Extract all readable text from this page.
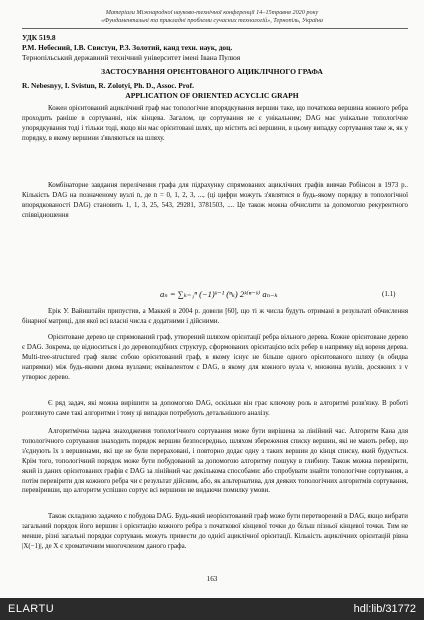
Матеріали Міжнародної науково-технічної конференції 14–15травня 2020 року
«Фундаментальні та прикладні проблеми сучасних технологій», Тернопіль, Україна
УДК 519.8
Р.М. Небесний, І.В. Свистун, Р.З. Золотий, канд техн. наук, доц.
Тернопільський державний технічний університет імені Івана Пулюя
ЗАСТОСУВАННЯ ОРІЄНТОВАНОГО АЦИКЛІЧНОГО ГРАФА
R. Nebesnyy, I. Svistun, R. Zolotyi, Ph. D., Assoc. Prof.
APPLICATION OF ORIENTED ACYCLIC GRAPH

Кожен орієнтований ациклічний граф має топологічне впорядкування вершин таке, що початкова вершина кожного ребра проходить раніше в сортуванні, ніж кінцева. Загалом, це сортування не є унікальним; DAG має унікальне топологічне упорядкування тоді і тільки тоді, якщо він має орієнтовані шлях, що містить всі вершини, в цьому випадку сортування таке ж, як у порядку, в якому вершини з'являються на шляху.

Комбінаторне завдання перелічення графа для підрахунку спрямованих ациклічних графів вивчав Робінсон в 1973 р.. Кількість DAG на позначеному вузлі n, де n = 0, 1, 2, 3, ..., (ці цифри можуть з'являтися в будь-якому порядку в топологічної впорядкованості DAG) становить 1, 1, 3, 25, 543, 29281, 3781503, .... Це також можна обчислити за допомогою рекурентного співвідношення

aₙ = ∑ₖ₌₁ⁿ (−1)ᵏ⁻¹ (ⁿₖ) 2ᵏ⁽ⁿ⁻ᵏ⁾ aₙ₋ₖ	(1.1)

Ерік У. Вайнштайн припустив, а Маккей в 2004 р. довели [60], що ті ж числа будуть отримані в результаті обчислення бінарної матриці, для якої всі власні числа є додатними і дійсними.

Орієнтоване дерево це спрямований граф, утворений шляхом орієнтації ребра вільного дерева. Кожне орієнтоване дерево є DAG. Зокрема, це відноситься і до деревоподібних структур, сформованих орієнтацією всіх ребер в напрямку від кореня дерева. Multi-tree-structured граф являє собою орієнтований граф, в якому існує не більше одного орієнтованого шляху (в обидва напрямки) між будь-якими двома вузлами; еквівалентом є DAG, в якому для кожного вузла v, множина вузлів, досяжних з v утворює дерево.

Є ряд задач, які можна вирішити за допомогою DAG, оскільки він грає ключову роль в алгоритмі розв'язку. В роботі розглянуто саме такі алгоритми і тому ці випадки потребують детальнішого аналізу.

Алгоритмічна задача знаходження топологічного сортування може бути вирішена за лінійний час. Алгоритм Кана для топологічного сортування знаходить порядок вершин безпосередньо, шляхом збереження списку вершин, які не мають ребер, що з'єднують їх з вершинами, які ще не були перераховані, і повторно додає одну з таких вершин до кінця списку, який будується. Крім того, топологічний порядок може бути побудований за допомогою алгоритму пошуку в глибину. Також можна перевірити, який із даних орієнтованих графів є DAG за лінійний час декількома способами: або спробувати знайти топологічне сортування, а потім перевірити для кожного ребра чи є результат дійсним, або, як альтернатива, для деяких топологічних алгоритмів сортування, перевіривши, що алгоритм успішно сортує всі вершини не видаючи помилку умови.

Також складною задачею є побудова DAG. Будь-який неорієнтований граф може бути перетворений в DAG, якщо вибрати загальний порядок його вершин і орієнтацію кожного ребра з початкової кінцевої точки до більш пізньої кінцевої точки. Тим не менше, різні загальні порядки сортувань можуть привести до однієї ациклічної орієнтації. Кількість ациклічних орієнтацій рівна |X(−1)|, де X є хроматичним многочленом даного графа.

163
ELARTU	hdl:lib/31772
